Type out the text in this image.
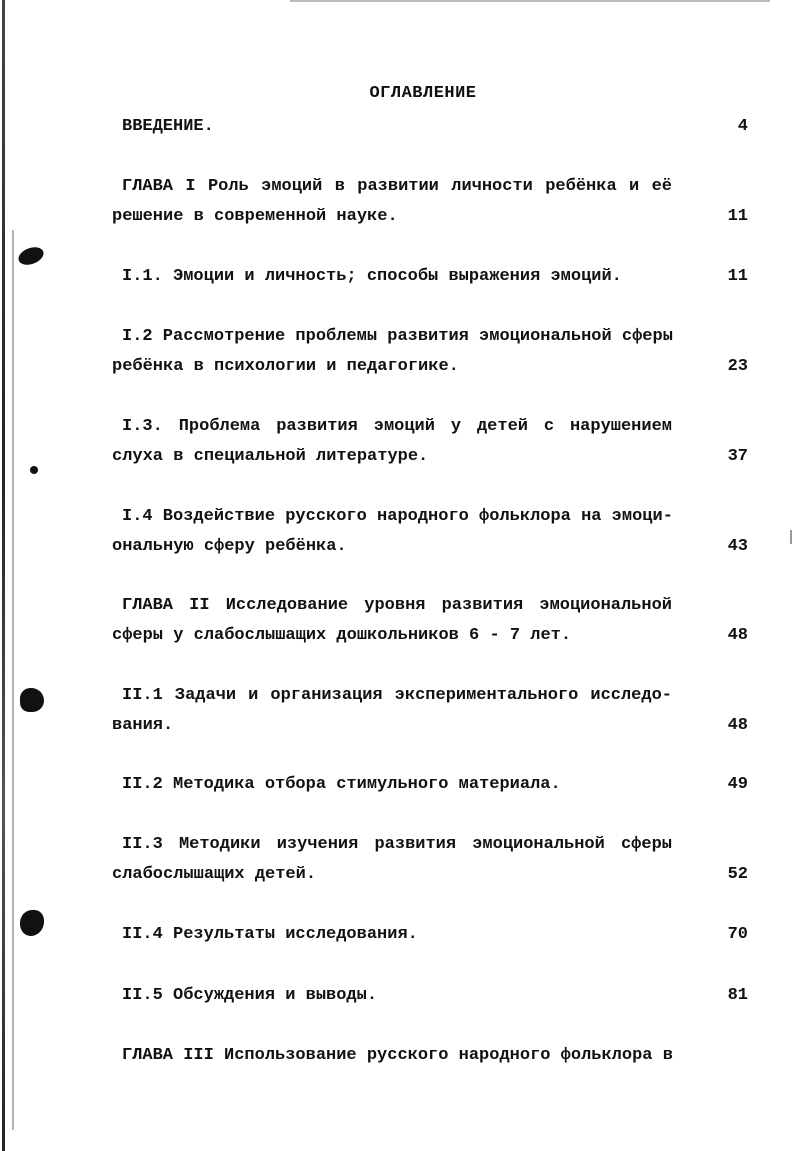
ОГЛАВЛЕНИЕ
ВВЕДЕНИЕ.	4
ГЛАВА I Роль эмоций в развитии личности ребёнка и её
решение в современной науке.	11
I.1. Эмоции и личность; способы выражения эмоций.	11
I.2 Рассмотрение проблемы развития эмоциональной сферы
ребёнка в психологии и педагогике.	23
I.3. Проблема развития эмоций у детей с нарушением
слуха в специальной литературе.	37
I.4 Воздействие русского народного фольклора на эмоци-
ональную сферу ребёнка.	43
ГЛАВА II Исследование уровня развития эмоциональной
сферы у слабослышащих дошкольников 6 - 7 лет.	48
II.1 Задачи и организация экспериментального исследо-
вания.	48
II.2 Методика отбора стимульного материала.	49
II.3 Методики изучения развития эмоциональной сферы
слабослышащих детей.	52
II.4 Результаты исследования.	70
II.5 Обсуждения и выводы.	81
ГЛАВА III Использование русского народного фольклора в
